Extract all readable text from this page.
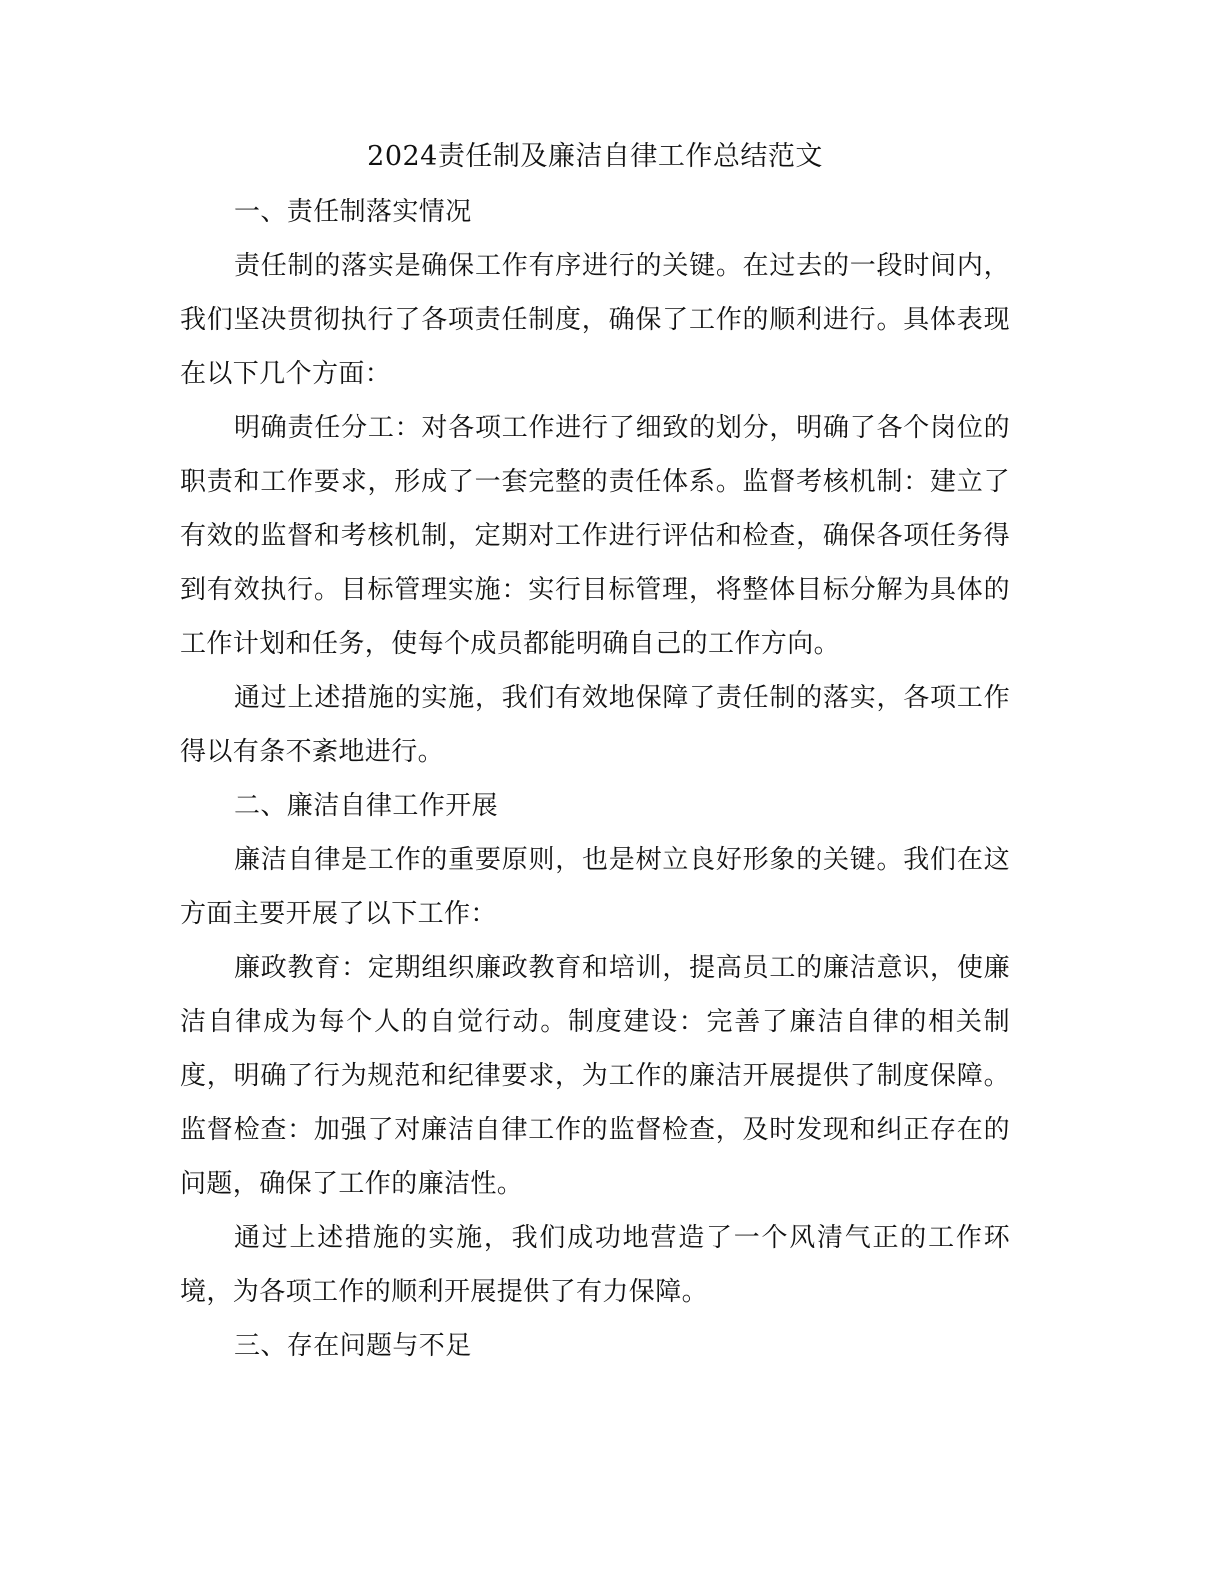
2024责任制及廉洁自律工作总结范文

一、责任制落实情况

责任制的落实是确保工作有序进行的关键。在过去的一段时间内，我们坚决贯彻执行了各项责任制度，确保了工作的顺利进行。具体表现在以下几个方面：

明确责任分工：对各项工作进行了细致的划分，明确了各个岗位的职责和工作要求，形成了一套完整的责任体系。监督考核机制：建立了有效的监督和考核机制，定期对工作进行评估和检查，确保各项任务得到有效执行。目标管理实施：实行目标管理，将整体目标分解为具体的工作计划和任务，使每个成员都能明确自己的工作方向。

通过上述措施的实施，我们有效地保障了责任制的落实，各项工作得以有条不紊地进行。

二、廉洁自律工作开展

廉洁自律是工作的重要原则，也是树立良好形象的关键。我们在这方面主要开展了以下工作：

廉政教育：定期组织廉政教育和培训，提高员工的廉洁意识，使廉洁自律成为每个人的自觉行动。制度建设：完善了廉洁自律的相关制度，明确了行为规范和纪律要求，为工作的廉洁开展提供了制度保障。监督检查：加强了对廉洁自律工作的监督检查，及时发现和纠正存在的问题，确保了工作的廉洁性。

通过上述措施的实施，我们成功地营造了一个风清气正的工作环境，为各项工作的顺利开展提供了有力保障。

三、存在问题与不足
